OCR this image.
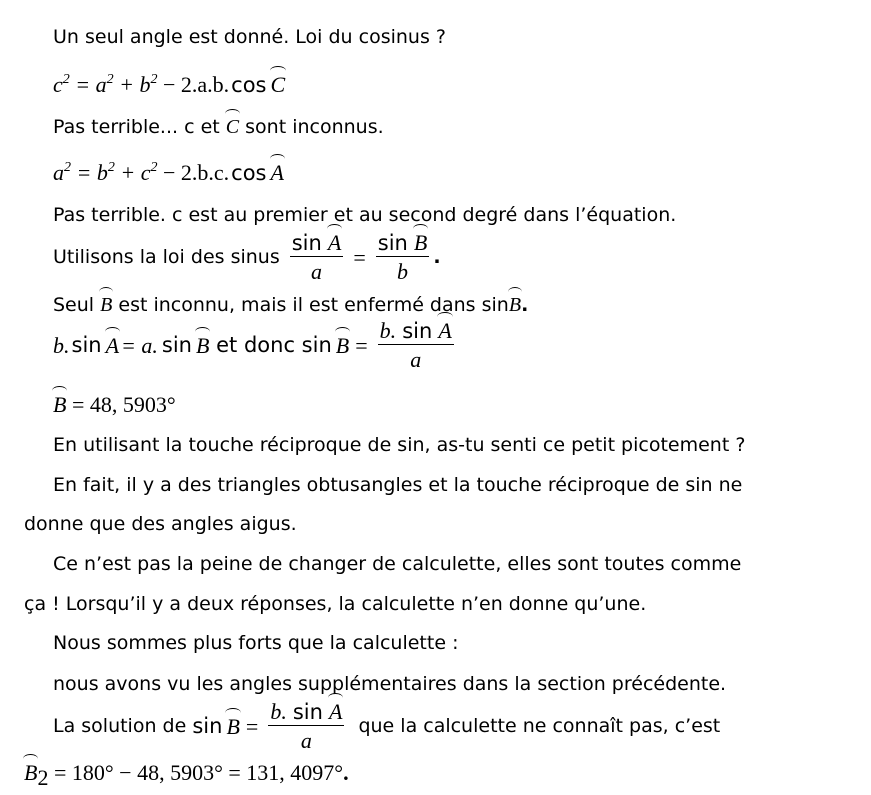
Un seul angle est donné. Loi du cosinus ?
$c^2 = a^2 + b^2 - 2.a.b.\cos$ C
Pas terrible... c et C sont inconnus.
$a^2 = b^2 + c^2 - 2.b.c.\cos$ A
Pas terrible. c est au premier et au second degré dans l’équation.
Utilisons la loi des sinus $\frac{\text{sin A}}{a} = \frac{\text{sin B}}{b}$ .
Seul B est inconnu, mais il est enfermé dans sinB.
b. sin A = a. sin B et donc $\sin B = \frac{\text{b. sin A}}{a}$
B = 48, 5903°
En utilisant la touche réciproque de sin, as-tu senti ce petit picotement ?
En fait, il y a des triangles obtusangles et la touche réciproque de sin ne
donne que des angles aigus.
Ce n’est pas la peine de changer de calculette, elles sont toutes comme
ça ! Lorsqu’il y a deux réponses, la calculette n’en donne qu’une.
Nous sommes plus forts que la calculette :
nous avons vu les angles supplémentaires dans la section précédente.
La solution de $\sin B = \frac{\text{b. sin A}}{a}$ que la calculette ne connaît pas, c’est
$B_2 = 180^\circ - 48$, 5903° = 131, 4097°.
